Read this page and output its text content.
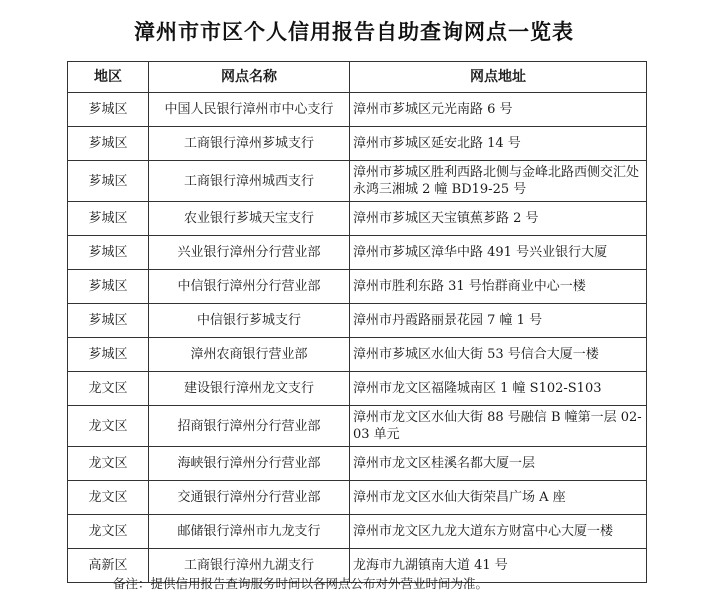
漳州市市区个人信用报告自助查询网点一览表
地区	网点名称	网点地址
芗城区	中国人民银行漳州市中心支行	漳州市芗城区元光南路 6 号
芗城区	工商银行漳州芗城支行	漳州市芗城区延安北路 14 号
芗城区	工商银行漳州城西支行	漳州市芗城区胜利西路北侧与金峰北路西侧交汇处永鸿三湘城 2 幢 BD19-25 号
芗城区	农业银行芗城天宝支行	漳州市芗城区天宝镇蕉芗路 2 号
芗城区	兴业银行漳州分行营业部	漳州市芗城区漳华中路 491 号兴业银行大厦
芗城区	中信银行漳州分行营业部	漳州市胜利东路 31 号怡群商业中心一楼
芗城区	中信银行芗城支行	漳州市丹霞路丽景花园 7 幢 1 号
芗城区	漳州农商银行营业部	漳州市芗城区水仙大街 53 号信合大厦一楼
龙文区	建设银行漳州龙文支行	漳州市龙文区福隆城南区 1 幢 S102-S103
龙文区	招商银行漳州分行营业部	漳州市龙文区水仙大街 88 号融信 B 幢第一层 02-03 单元
龙文区	海峡银行漳州分行营业部	漳州市龙文区桂溪名都大厦一层
龙文区	交通银行漳州分行营业部	漳州市龙文区水仙大街荣昌广场 A 座
龙文区	邮储银行漳州市九龙支行	漳州市龙文区九龙大道东方财富中心大厦一楼
高新区	工商银行漳州九湖支行	龙海市九湖镇南大道 41 号
备注：提供信用报告查询服务时间以各网点公布对外营业时间为准。
